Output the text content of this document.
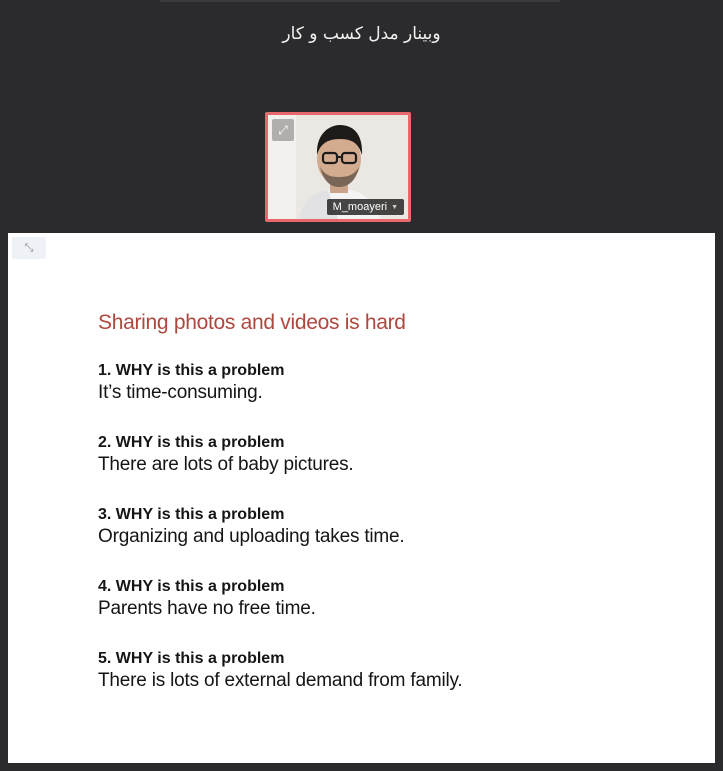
وبینار مدل کسب و کار
⤢
M_moayeri ▼
⤡
Sharing photos and videos is hard
1. WHY is this a problem
It’s time-consuming.
2. WHY is this a problem
There are lots of baby pictures.
3. WHY is this a problem
Organizing and uploading takes time.
4. WHY is this a problem
Parents have no free time.
5. WHY is this a problem
There is lots of external demand from family.
